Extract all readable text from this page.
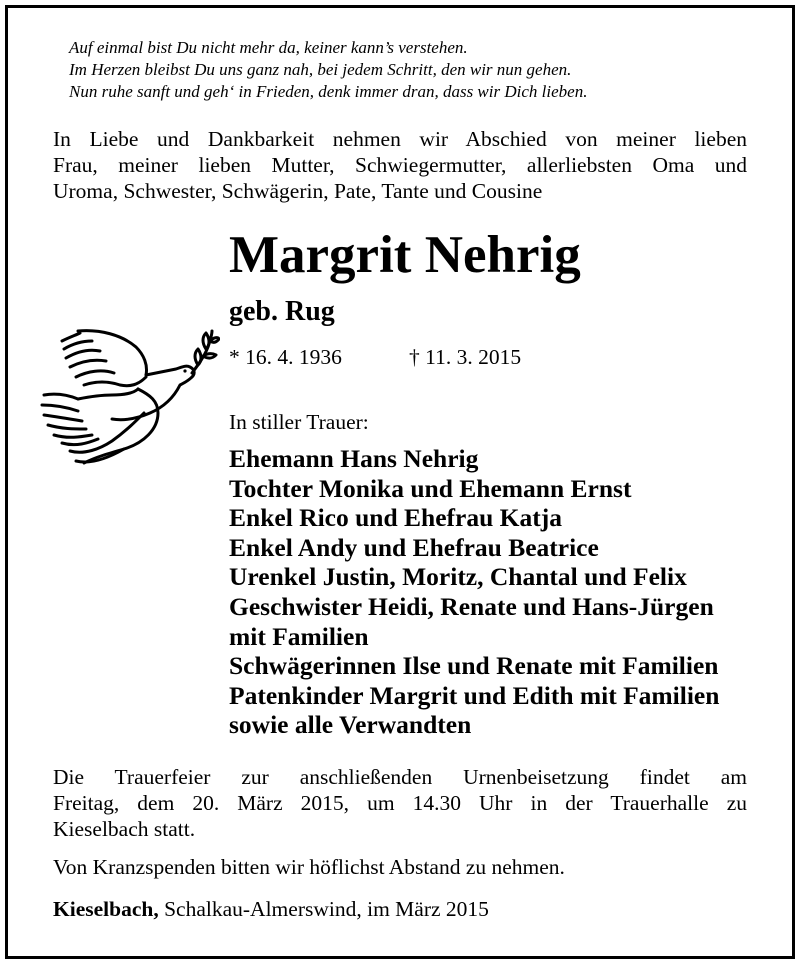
Auf einmal bist Du nicht mehr da, keiner kann’s verstehen.
Im Herzen bleibst Du uns ganz nah, bei jedem Schritt, den wir nun gehen.
Nun ruhe sanft und geh‘ in Frieden, denk immer dran, dass wir Dich lieben.
In Liebe und Dankbarkeit nehmen wir Abschied von meiner lieben
Frau, meiner lieben Mutter, Schwiegermutter, allerliebsten Oma und
Uroma, Schwester, Schwägerin, Pate, Tante und Cousine
Margrit Nehrig
geb. Rug
* 16. 4. 1936	† 11. 3. 2015
In stiller Trauer:
Ehemann Hans Nehrig
Tochter Monika und Ehemann Ernst
Enkel Rico und Ehefrau Katja
Enkel Andy und Ehefrau Beatrice
Urenkel Justin, Moritz, Chantal und Felix
Geschwister Heidi, Renate und Hans-Jürgen
mit Familien
Schwägerinnen Ilse und Renate mit Familien
Patenkinder Margrit und Edith mit Familien
sowie alle Verwandten
Die Trauerfeier zur anschließenden Urnenbeisetzung findet am
Freitag, dem 20. März 2015, um 14.30 Uhr in der Trauerhalle zu
Kieselbach statt.
Von Kranzspenden bitten wir höflichst Abstand zu nehmen.
Kieselbach, Schalkau-Almerswind, im März 2015
